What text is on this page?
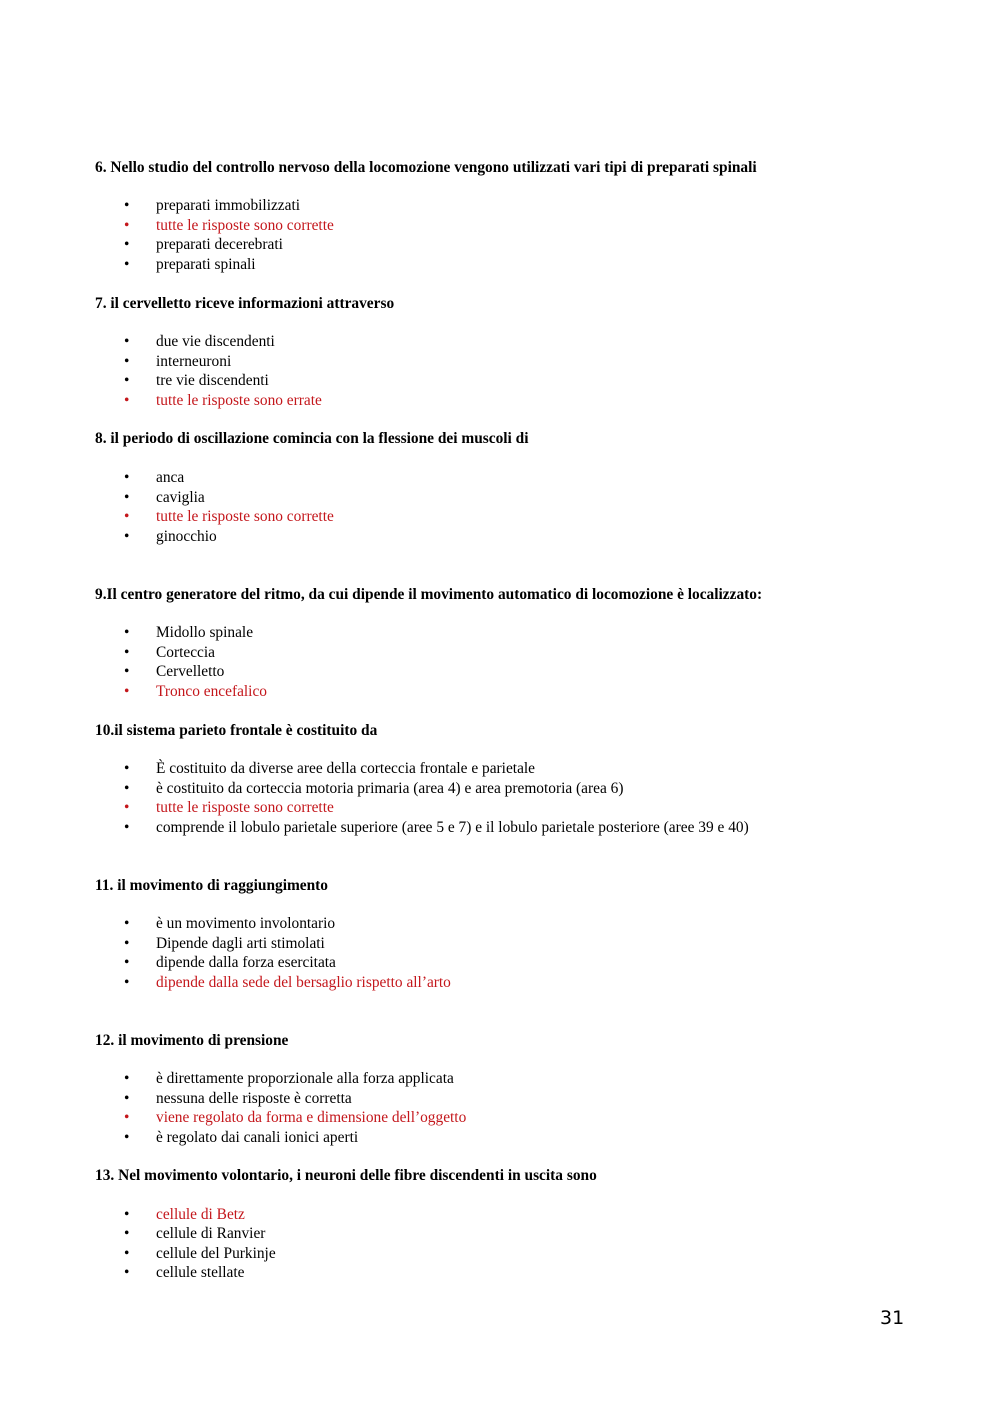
6. Nello studio del controllo nervoso della locomozione vengono utilizzati vari tipi di preparati spinali
• preparati immobilizzati
• tutte le risposte sono corrette
• preparati decerebrati
• preparati spinali
7. il cervelletto riceve informazioni attraverso
• due vie discendenti
• interneuroni
• tre vie discendenti
• tutte le risposte sono errate
8. il periodo di oscillazione comincia con la flessione dei muscoli di
• anca
• caviglia
• tutte le risposte sono corrette
• ginocchio
9.Il centro generatore del ritmo, da cui dipende il movimento automatico di locomozione è localizzato:
• Midollo spinale
• Corteccia
• Cervelletto
• Tronco encefalico
10.il sistema parieto frontale è costituito da
• È costituito da diverse aree della corteccia frontale e parietale
• è costituito da corteccia motoria primaria (area 4) e area premotoria (area 6)
• tutte le risposte sono corrette
• comprende il lobulo parietale superiore (aree 5 e 7) e il lobulo parietale posteriore (aree 39 e 40)
11. il movimento di raggiungimento
• è un movimento involontario
• Dipende dagli arti stimolati
• dipende dalla forza esercitata
• dipende dalla sede del bersaglio rispetto all’arto
12. il movimento di prensione
• è direttamente proporzionale alla forza applicata
• nessuna delle risposte è corretta
• viene regolato da forma e dimensione dell’oggetto
• è regolato dai canali ionici aperti
13. Nel movimento volontario, i neuroni delle fibre discendenti in uscita sono
• cellule di Betz
• cellule di Ranvier
• cellule del Purkinje
• cellule stellate
31
